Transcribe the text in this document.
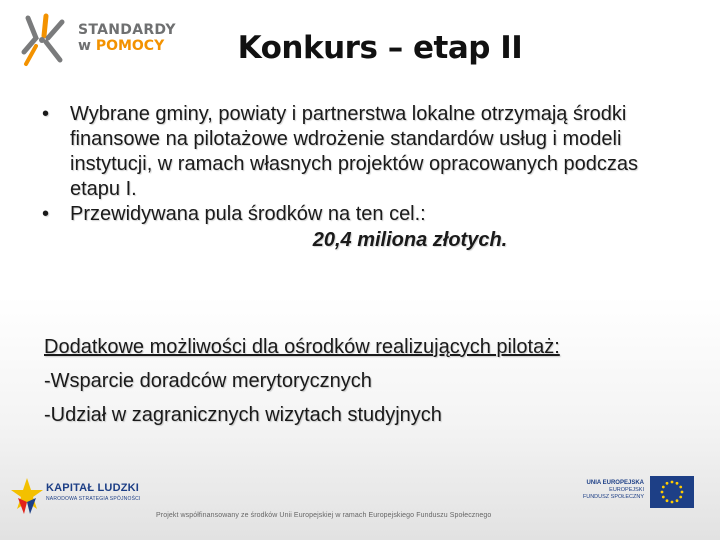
STANDARDY
w POMOCY	Konkurs – etap II
• Wybrane gminy, powiaty i partnerstwa lokalne otrzymają środki finansowe na pilotażowe wdrożenie standardów usług i modeli instytucji, w ramach własnych projektów opracowanych podczas etapu I.
• Przewidywana pula środków na ten cel.:
20,4 miliona złotych.
Dodatkowe możliwości dla ośrodków realizujących pilotaż:
-Wsparcie doradców merytorycznych
-Udział w zagranicznych wizytach studyjnych
KAPITAŁ LUDZKI
NARODOWA STRATEGIA SPÓJNOŚCI
UNIA EUROPEJSKA
EUROPEJSKI
FUNDUSZ SPOŁECZNY
Projekt współfinansowany ze środków Unii Europejskiej w ramach Europejskiego Funduszu Społecznego
